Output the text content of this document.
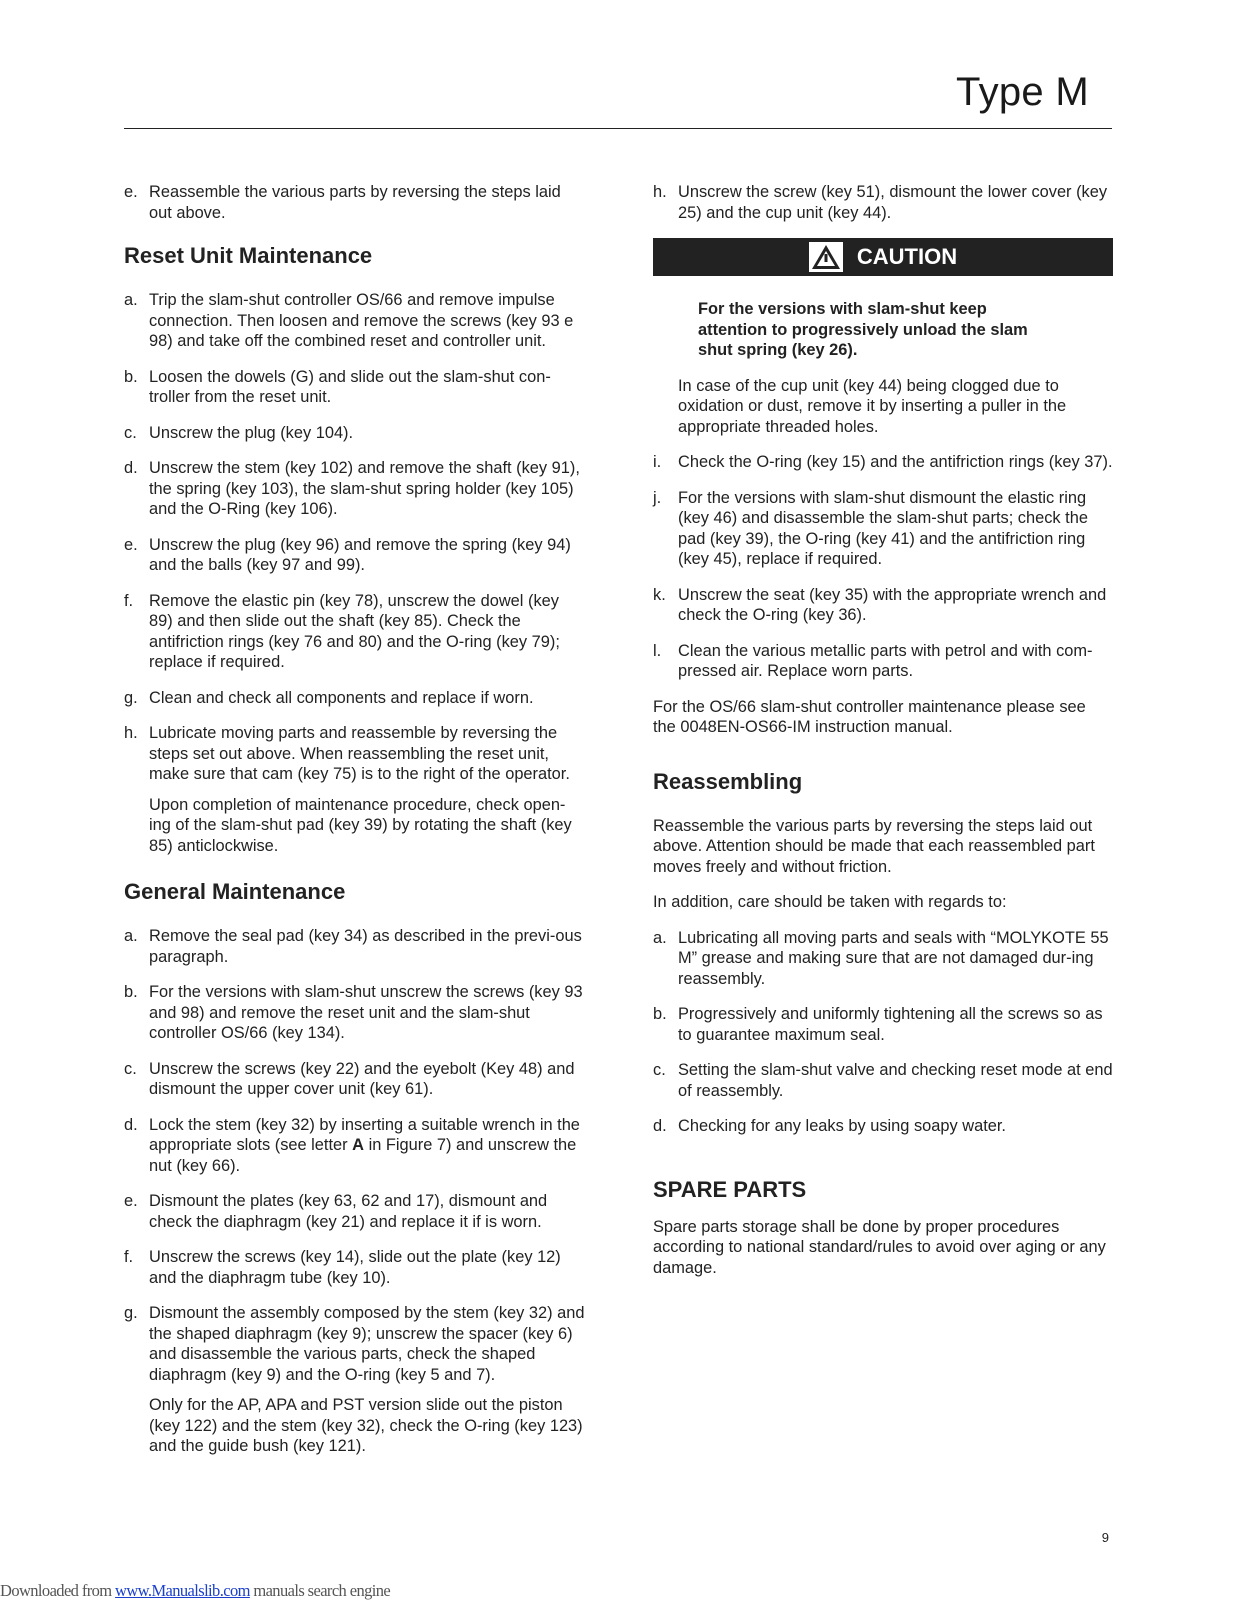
Type M
e. Reassemble the various parts by reversing the steps laid out above.
Reset Unit Maintenance
a. Trip the slam-shut controller OS/66 and remove impulse connection. Then loosen and remove the screws (key 93 e 98) and take off the combined reset and controller unit.
b. Loosen the dowels (G) and slide out the slam-shut con-troller from the reset unit.
c. Unscrew the plug (key 104).
d. Unscrew the stem (key 102) and remove the shaft (key 91), the spring (key 103), the slam-shut spring holder (key 105) and the O-Ring (key 106).
e. Unscrew the plug (key 96) and remove the spring (key 94) and the balls (key 97 and 99).
f. Remove the elastic pin (key 78), unscrew the dowel (key 89) and then slide out the shaft (key 85). Check the antifriction rings (key 76 and 80) and the O-ring (key 79); replace if required.
g. Clean and check all components and replace if worn.
h. Lubricate moving parts and reassemble by reversing the steps set out above. When reassembling the reset unit, make sure that cam (key 75) is to the right of the operator.
Upon completion of maintenance procedure, check open-ing of the slam-shut pad (key 39) by rotating the shaft (key 85) anticlockwise.
General Maintenance
a. Remove the seal pad (key 34) as described in the previ-ous paragraph.
b. For the versions with slam-shut unscrew the screws (key 93 and 98) and remove the reset unit and the slam-shut controller OS/66 (key 134).
c. Unscrew the screws (key 22) and the eyebolt (Key 48) and dismount the upper cover unit (key 61).
d. Lock the stem (key 32) by inserting a suitable wrench in the appropriate slots (see letter A in Figure 7) and unscrew the nut (key 66).
e. Dismount the plates (key 63, 62 and 17), dismount and check the diaphragm (key 21) and replace it if is worn.
f. Unscrew the screws (key 14), slide out the plate (key 12) and the diaphragm tube (key 10).
g. Dismount the assembly composed by the stem (key 32) and the shaped diaphragm (key 9); unscrew the spacer (key 6) and disassemble the various parts, check the shaped diaphragm (key 9) and the O-ring (key 5 and 7).
Only for the AP, APA and PST version slide out the piston (key 122) and the stem (key 32), check the O-ring (key 123) and the guide bush (key 121).
h. Unscrew the screw (key 51), dismount the lower cover (key 25) and the cup unit (key 44).
CAUTION
For the versions with slam-shut keep attention to progressively unload the slam shut spring (key 26).
In case of the cup unit (key 44) being clogged due to oxidation or dust, remove it by inserting a puller in the appropriate threaded holes.
i. Check the O-ring (key 15) and the antifriction rings (key 37).
j. For the versions with slam-shut dismount the elastic ring (key 46) and disassemble the slam-shut parts; check the pad (key 39), the O-ring (key 41) and the antifriction ring (key 45), replace if required.
k. Unscrew the seat (key 35) with the appropriate wrench and check the O-ring (key 36).
l. Clean the various metallic parts with petrol and with com-pressed air. Replace worn parts.
For the OS/66 slam-shut controller maintenance please see the 0048EN-OS66-IM instruction manual.
Reassembling
Reassemble the various parts by reversing the steps laid out above. Attention should be made that each reassembled part moves freely and without friction.
In addition, care should be taken with regards to:
a. Lubricating all moving parts and seals with “MOLYKOTE 55 M” grease and making sure that are not damaged dur-ing reassembly.
b. Progressively and uniformly tightening all the screws so as to guarantee maximum seal.
c. Setting the slam-shut valve and checking reset mode at end of reassembly.
d. Checking for any leaks by using soapy water.
SPARE PARTS
Spare parts storage shall be done by proper procedures according to national standard/rules to avoid over aging or any damage.
9
Downloaded from www.Manualslib.com manuals search engine
